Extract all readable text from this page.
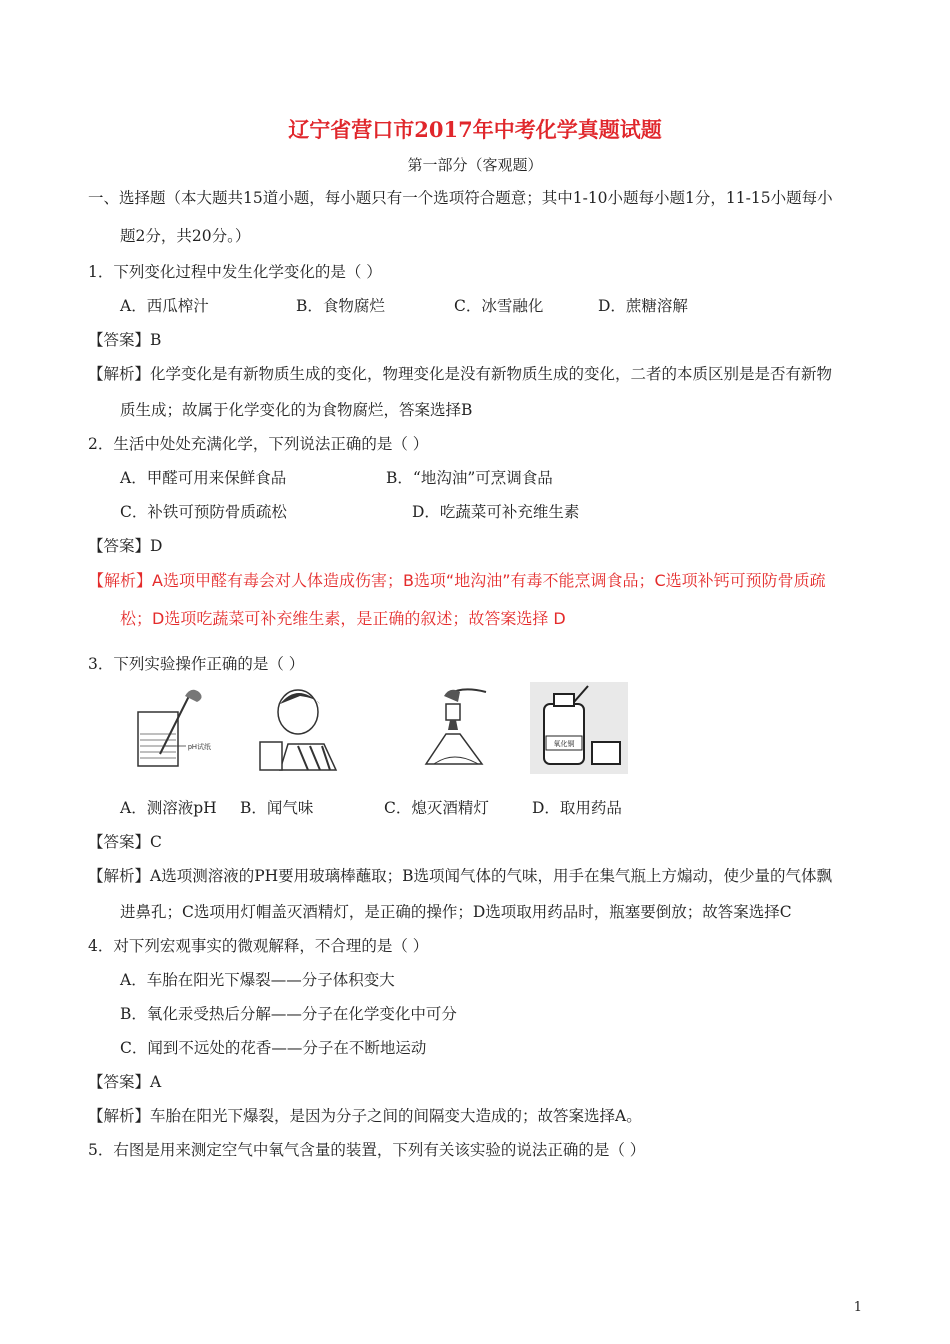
辽宁省营口市2017年中考化学真题试题
第一部分（客观题）
一、选择题（本大题共15道小题，每小题只有一个选项符合题意；其中1-10小题每小题1分，11-15小题每小
题2分，共20分。）
1．下列变化过程中发生化学变化的是（ ）
A．西瓜榨汁	B．食物腐烂	C．冰雪融化	D．蔗糖溶解
【答案】B
【解析】化学变化是有新物质生成的变化，物理变化是没有新物质生成的变化，二者的本质区别是是否有新物
质生成；故属于化学变化的为食物腐烂，答案选择B
2．生活中处处充满化学，下列说法正确的是（ ）
A．甲醛可用来保鲜食品	B．“地沟油”可烹调食品
C．补铁可预防骨质疏松	D．吃蔬菜可补充维生素
【答案】D
【解析】A选项甲醛有毒会对人体造成伤害；B选项“地沟油”有毒不能烹调食品；C选项补钙可预防骨质疏
松；D选项吃蔬菜可补充维生素，是正确的叙述；故答案选择 D
3．下列实验操作正确的是（ ）
pH试纸	氧化铜
A．测溶液pH B．闻气味	C．熄灭酒精灯	D．取用药品
【答案】C
【解析】A选项测溶液的PH要用玻璃棒蘸取；B选项闻气体的气味，用手在集气瓶上方煽动，使少量的气体飘
进鼻孔；C选项用灯帽盖灭酒精灯，是正确的操作；D选项取用药品时，瓶塞要倒放；故答案选择C
4．对下列宏观事实的微观解释，不合理的是（ ）
A．车胎在阳光下爆裂——分子体积变大
B．氧化汞受热后分解——分子在化学变化中可分
C．闻到不远处的花香——分子在不断地运动
【答案】A
【解析】车胎在阳光下爆裂，是因为分子之间的间隔变大造成的；故答案选择A。
5．右图是用来测定空气中氧气含量的装置，下列有关该实验的说法正确的是（ ）
1
